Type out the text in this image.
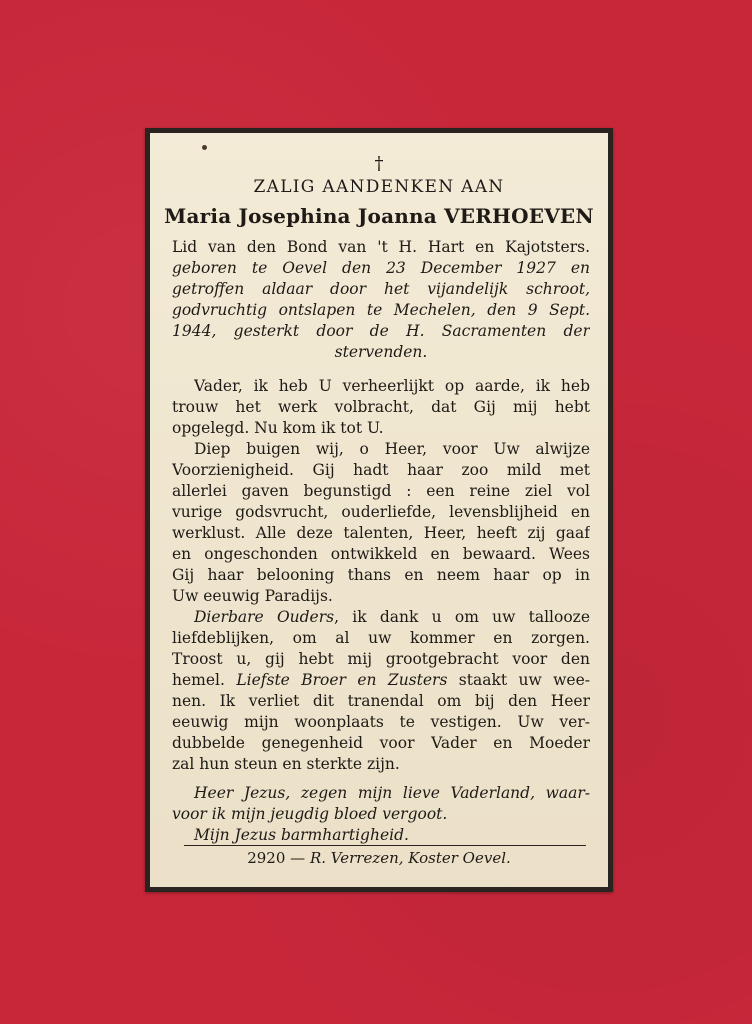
†
ZALIG AANDENKEN AAN
Maria Josephina Joanna VERHOEVEN
Lid van den Bond van 't H. Hart en Kajotsters.
geboren te Oevel den 23 December 1927 en
getroffen aldaar door het vijandelijk schroot,
godvruchtig ontslapen te Mechelen, den 9 Sept.
1944, gesterkt door de H. Sacramenten der
stervenden.
Vader, ik heb U verheerlijkt op aarde, ik heb
trouw het werk volbracht, dat Gij mij hebt
opgelegd. Nu kom ik tot U.
Diep buigen wij, o Heer, voor Uw alwijze
Voorzienigheid. Gij hadt haar zoo mild met
allerlei gaven begunstigd : een reine ziel vol
vurige godsvrucht, ouderliefde, levensblijheid en
werklust. Alle deze talenten, Heer, heeft zij gaaf
en ongeschonden ontwikkeld en bewaard. Wees
Gij haar belooning thans en neem haar op in
Uw eeuwig Paradijs.
Dierbare Ouders, ik dank u om uw tallooze
liefdeblijken, om al uw kommer en zorgen.
Troost u, gij hebt mij grootgebracht voor den
hemel. Liefste Broer en Zusters staakt uw wee-
nen. Ik verliet dit tranendal om bij den Heer
eeuwig mijn woonplaats te vestigen. Uw ver-
dubbelde genegenheid voor Vader en Moeder
zal hun steun en sterkte zijn.
Heer Jezus, zegen mijn lieve Vaderland, waar-
voor ik mijn jeugdig bloed vergoot.
Mijn Jezus barmhartigheid.
2920 — R. Verrezen, Koster Oevel.
